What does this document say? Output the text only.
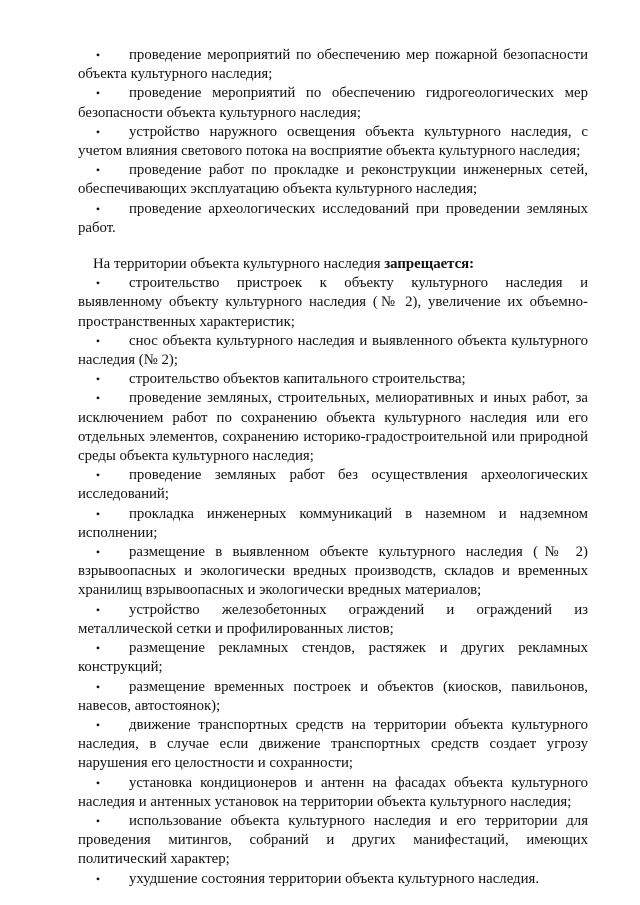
• проведение мероприятий по обеспечению мер пожарной безопасности объекта культурного наследия;

• проведение мероприятий по обеспечению гидрогеологических мер безопасности объекта культурного наследия;

• устройство наружного освещения объекта культурного наследия, с учетом влияния светового потока на восприятие объекта культурного наследия;

• проведение работ по прокладке и реконструкции инженерных сетей, обеспечивающих эксплуатацию объекта культурного наследия;

• проведение археологических исследований при проведении земляных работ.

На территории объекта культурного наследия запрещается:

• строительство пристроек к объекту культурного наследия и выявленному объекту культурного наследия (№ 2), увеличение их объемно-пространственных характеристик;

• снос объекта культурного наследия и выявленного объекта культурного наследия (№ 2);

• строительство объектов капитального строительства;

• проведение земляных, строительных, мелиоративных и иных работ, за исключением работ по сохранению объекта культурного наследия или его отдельных элементов, сохранению историко-градостроительной или природной среды объекта культурного наследия;

• проведение земляных работ без осуществления археологических исследований;

• прокладка инженерных коммуникаций в наземном и надземном исполнении;

• размещение в выявленном объекте культурного наследия (№ 2) взрывоопасных и экологически вредных производств, складов и временных хранилищ взрывоопасных и экологически вредных материалов;

• устройство железобетонных ограждений и ограждений из металлической сетки и профилированных листов;

• размещение рекламных стендов, растяжек и других рекламных конструкций;

• размещение временных построек и объектов (киосков, павильонов, навесов, автостоянок);

• движение транспортных средств на территории объекта культурного наследия, в случае если движение транспортных средств создает угрозу нарушения его целостности и сохранности;

• установка кондиционеров и антенн на фасадах объекта культурного наследия и антенных установок на территории объекта культурного наследия;

• использование объекта культурного наследия и его территории для проведения митингов, собраний и других манифестаций, имеющих политический характер;

• ухудшение состояния территории объекта культурного наследия.
